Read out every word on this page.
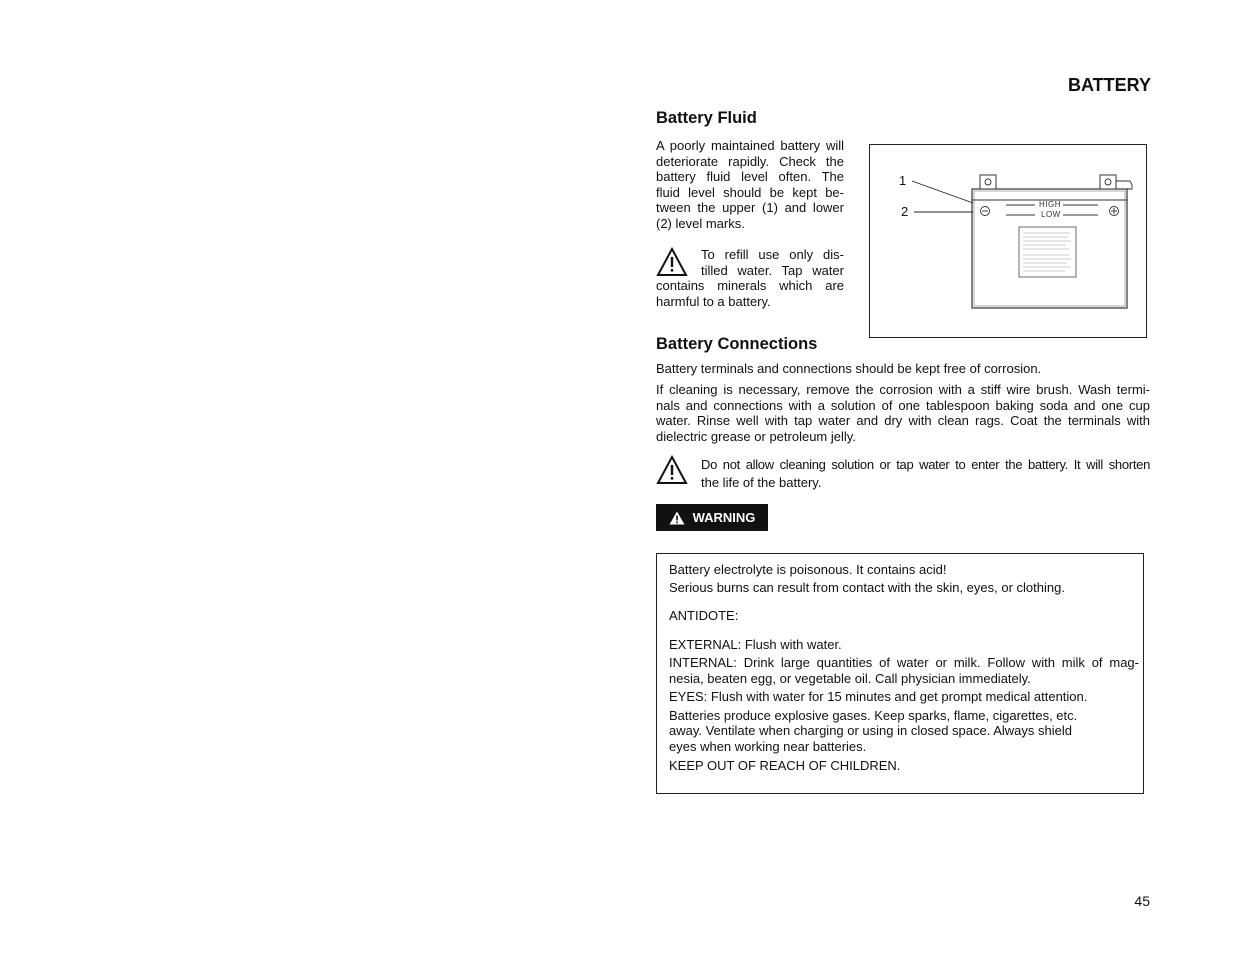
BATTERY
Battery Fluid
A poorly maintained battery will
deteriorate rapidly. Check the
battery fluid level often. The
fluid level should be kept be-
tween the upper (1) and lower
(2) level marks.
To refill use only dis-
tilled water. Tap water
contains minerals which are
harmful to a battery.
1
2	HIGH
LOW
Battery Connections
Battery terminals and connections should be kept free of corrosion.
If cleaning is necessary, remove the corrosion with a stiff wire brush. Wash termi-
nals and connections with a solution of one tablespoon baking soda and one cup
water. Rinse well with tap water and dry with clean rags. Coat the terminals with
dielectric grease or petroleum jelly.
Do not allow cleaning solution or tap water to enter the battery. It will shorten
the life of the battery.
WARNING
Battery electrolyte is poisonous. It contains acid!
Serious burns can result from contact with the skin, eyes, or clothing.
ANTIDOTE:
EXTERNAL: Flush with water.
INTERNAL: Drink large quantities of water or milk. Follow with milk of mag-
nesia, beaten egg, or vegetable oil. Call physician immediately.
EYES: Flush with water for 15 minutes and get prompt medical attention.
Batteries produce explosive gases. Keep sparks, flame, cigarettes, etc.
away. Ventilate when charging or using in closed space. Always shield
eyes when working near batteries.
KEEP OUT OF REACH OF CHILDREN.
45
